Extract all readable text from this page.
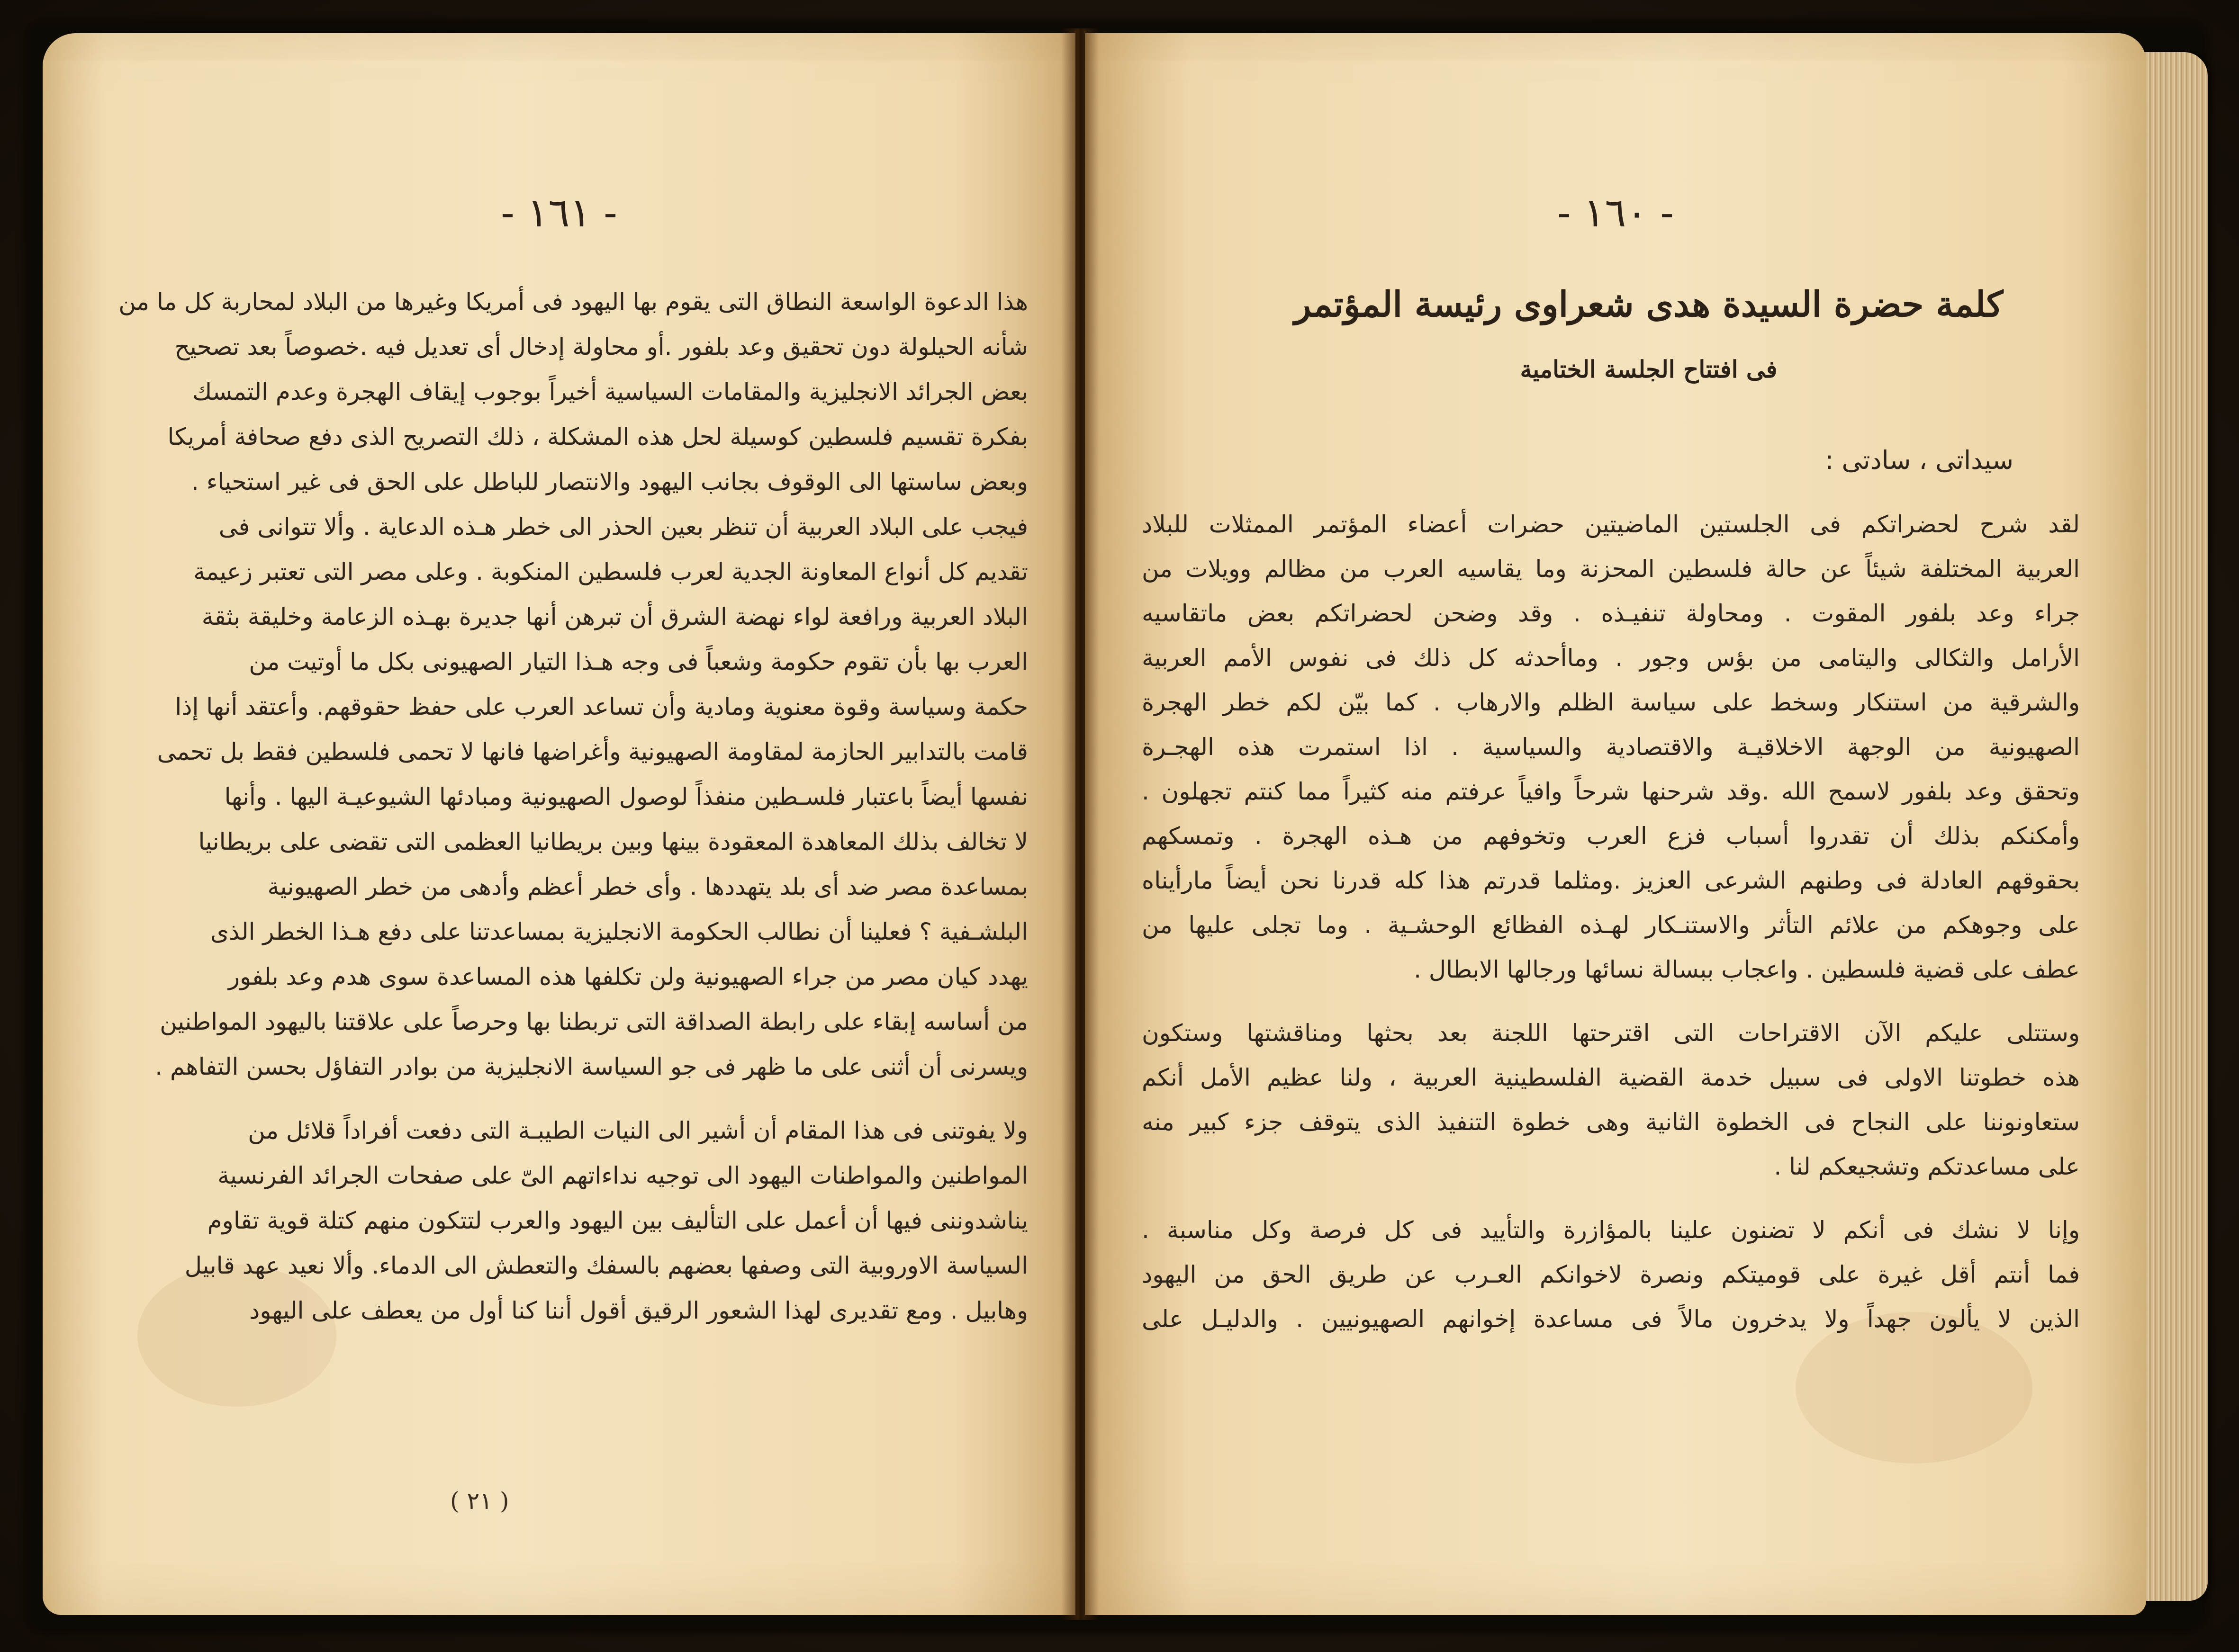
- ١٦١ -
هذا الدعوة الواسعة النطاق التى يقوم بها اليهود فى أمريكا وغيرها من البلاد لمحاربة كل ما من
شأنه الحيلولة دون تحقيق وعد بلفور .أو محاولة إدخال أى تعديل فيه .خصوصاً بعد تصحيح
بعض الجرائد الانجليزية والمقامات السياسية أخيراً بوجوب إيقاف الهجرة وعدم التمسك
بفكرة تقسيم فلسطين كوسيلة لحل هذه المشكلة ، ذلك التصريح الذى دفع صحافة أمريكا
وبعض ساستها الى الوقوف بجانب اليهود والانتصار للباطل على الحق فى غير استحياء .
فيجب على البلاد العربية أن تنظر بعين الحذر الى خطر هـذه الدعاية . وألا تتوانى فى
تقديم كل أنواع المعاونة الجدية لعرب فلسطين المنكوبة . وعلى مصر التى تعتبر زعيمة
البلاد العربية ورافعة لواء نهضة الشرق أن تبرهن أنها جديرة بهـذه الزعامة وخليقة بثقة
العرب بها بأن تقوم حكومة وشعباً فى وجه هـذا التيار الصهيونى بكل ما أوتيت من
حكمة وسياسة وقوة معنوية ومادية وأن تساعد العرب على حفظ حقوقهم. وأعتقد أنها إذا
قامت بالتدابير الحازمة لمقاومة الصهيونية وأغراضها فانها لا تحمى فلسطين فقط بل تحمى
نفسها أيضاً باعتبار فلسـطين منفذاً لوصول الصهيونية ومبادئها الشيوعيـة اليها . وأنها
لا تخالف بذلك المعاهدة المعقودة بينها وبين بريطانيا العظمى التى تقضى على بريطانيا
بمساعدة مصر ضد أى بلد يتهددها . وأى خطر أعظم وأدهى من خطر الصهيونية
البلشـفية ؟ فعلينا أن نطالب الحكومة الانجليزية بمساعدتنا على دفع هـذا الخطر الذى
يهدد كيان مصر من جراء الصهيونية ولن تكلفها هذه المساعدة سوى هدم وعد بلفور
من أساسه إبقاء على رابطة الصداقة التى تربطنا بها وحرصاً على علاقتنا باليهود المواطنين
ويسرنى أن أثنى على ما ظهر فى جو السياسة الانجليزية من بوادر التفاؤل بحسن التفاهم .
ولا يفوتنى فى هذا المقام أن أشير الى النيات الطيبـة التى دفعت أفراداً قلائل من
المواطنين والمواطنات اليهود الى توجيه نداءاتهم الىّ على صفحات الجرائد الفرنسية
يناشدوننى فيها أن أعمل على التأليف بين اليهود والعرب لتتكون منهم كتلة قوية تقاوم
السياسة الاوروبية التى وصفها بعضهم بالسفك والتعطش الى الدماء. وألا نعيد عهد قابيل
وهابيل . ومع تقديرى لهذا الشعور الرقيق أقول أننا كنا أول من يعطف على اليهود
( ٢١ )
- ١٦٠ -
كلمة حضرة السيدة هدى شعراوى رئيسة المؤتمر
فى افتتاح الجلسة الختامية
سيداتى ، سادتى :
لقد شرح لحضراتكم فى الجلستين الماضيتين حضرات أعضاء المؤتمر الممثلات للبلاد
العربية المختلفة شيئاً عن حالة فلسطين المحزنة وما يقاسيه العرب من مظالم وويلات من
جراء وعد بلفور المقوت . ومحاولة تنفيـذه . وقد وضحن لحضراتكم بعض ماتقاسيه
الأرامل والثكالى واليتامى من بؤس وجور . وماأحدثه كل ذلك فى نفوس الأمم العربية
والشرقية من استنكار وسخط على سياسة الظلم والارهاب . كما بيّن لكم خطر الهجرة
الصهيونية من الوجهة الاخلاقيـة والاقتصادية والسياسية . اذا استمرت هذه الهجـرة
وتحقق وعد بلفور لاسمح الله .وقد شرحنها شرحاً وافياً عرفتم منه كثيراً مما كنتم تجهلون .
وأمكنكم بذلك أن تقدروا أسباب فزع العرب وتخوفهم من هـذه الهجرة . وتمسكهم
بحقوقهم العادلة فى وطنهم الشرعى العزيز .ومثلما قدرتم هذا كله قدرنا نحن أيضاً مارأيناه
على وجوهكم من علائم التأثر والاستنـكار لهـذه الفظائع الوحشـية . وما تجلى عليها من
عطف على قضية فلسطين . واعجاب ببسالة نسائها ورجالها الابطال .
وستتلى عليكم الآن الاقتراحات التى اقترحتها اللجنة بعد بحثها ومناقشتها وستكون
هذه خطوتنا الاولى فى سبيل خدمة القضية الفلسطينية العربية ، ولنا عظيم الأمل أنكم
ستعاونوننا على النجاح فى الخطوة الثانية وهى خطوة التنفيذ الذى يتوقف جزء كبير منه
على مساعدتكم وتشجيعكم لنا .
وإنا لا نشك فى أنكم لا تضنون علينا بالمؤازرة والتأييد فى كل فرصة وكل مناسبة .
فما أنتم أقل غيرة على قوميتكم ونصرة لاخوانكم العـرب عن طريق الحق من اليهود
الذين لا يألون جهداً ولا يدخرون مالاً فى مساعدة إخوانهم الصهيونيين . والدليـل على
